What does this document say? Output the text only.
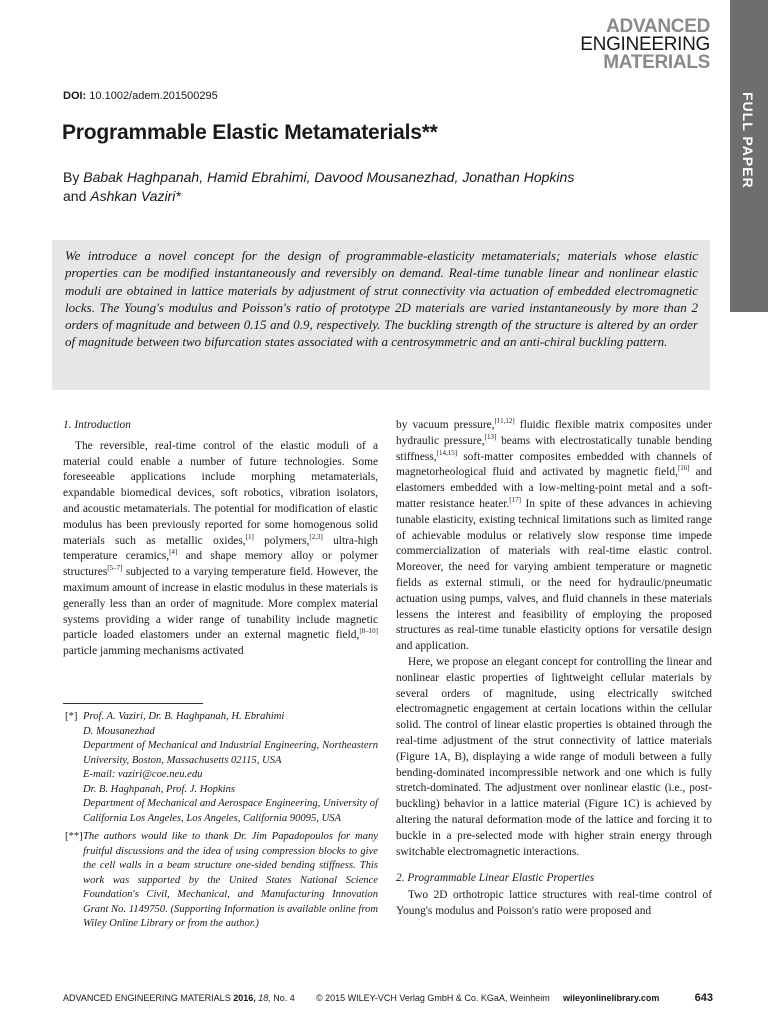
FULL PAPER
ADVANCED
ENGINEERING
MATERIALS
DOI: 10.1002/adem.201500295
Programmable Elastic Metamaterials**
By Babak Haghpanah, Hamid Ebrahimi, Davood Mousanezhad, Jonathan Hopkins
and Ashkan Vaziri*
We introduce a novel concept for the design of programmable-elasticity metamaterials; materials whose elastic properties can be modified instantaneously and reversibly on demand. Real-time tunable linear and nonlinear elastic moduli are obtained in lattice materials by adjustment of strut connectivity via actuation of embedded electromagnetic locks. The Young's modulus and Poisson's ratio of prototype 2D materials are varied instantaneously by more than 2 orders of magnitude and between 0.15 and 0.9, respectively. The buckling strength of the structure is altered by an order of magnitude between two bifurcation states associated with a centrosymmetric and an anti-chiral buckling pattern.
1. Introduction
The reversible, real-time control of the elastic moduli of a material could enable a number of future technologies. Some foreseeable applications include morphing metamaterials, expandable biomedical devices, soft robotics, vibration isolators, and acoustic metamaterials. The potential for modification of elastic modulus has been previously reported for some homogenous solid materials such as metallic oxides,[1] polymers,[2,3] ultra-high temperature ceramics,[4] and shape memory alloy or polymer structures[5–7] subjected to a varying temperature field. However, the maximum amount of increase in elastic modulus in these materials is generally less than an order of magnitude. More complex material systems providing a wider range of tunability include magnetic particle loaded elastomers under an external magnetic field,[8–10] particle jamming mechanisms activated
[*] Prof. A. Vaziri, Dr. B. Haghpanah, H. Ebrahimi
D. Mousanezhad
Department of Mechanical and Industrial Engineering, Northeastern University, Boston, Massachusetts 02115, USA
E-mail: vaziri@coe.neu.edu
Dr. B. Haghpanah, Prof. J. Hopkins
Department of Mechanical and Aerospace Engineering, University of California Los Angeles, Los Angeles, California 90095, USA
[**] The authors would like to thank Dr. Jim Papadopoulos for many fruitful discussions and the idea of using compression blocks to give the cell walls in a beam structure one-sided bending stiffness. This work was supported by the United States National Science Foundation's Civil, Mechanical, and Manufacturing Innovation Grant No. 1149750. (Supporting Information is available online from Wiley Online Library or from the author.)
by vacuum pressure,[11,12] fluidic flexible matrix composites under hydraulic pressure,[13] beams with electrostatically tunable bending stiffness,[14,15] soft-matter composites embedded with channels of magnetorheological fluid and activated by magnetic field,[16] and elastomers embedded with a low-melting-point metal and a soft-matter resistance heater.[17] In spite of these advances in achieving tunable elasticity, existing technical limitations such as limited range of achievable modulus or relatively slow response time impede commercialization of materials with real-time elastic control. Moreover, the need for varying ambient temperature or magnetic fields as external stimuli, or the need for hydraulic/pneumatic actuation using pumps, valves, and fluid channels in these materials lessens the interest and feasibility of employing the proposed structures as real-time tunable elasticity options for versatile design and application.
Here, we propose an elegant concept for controlling the linear and nonlinear elastic properties of lightweight cellular materials by several orders of magnitude, using electrically switched electromagnetic engagement at certain locations within the cellular solid. The control of linear elastic properties is obtained through the real-time adjustment of the strut connectivity of lattice materials (Figure 1A, B), displaying a wide range of moduli between a fully bending-dominated incompressible network and one which is fully stretch-dominated. The adjustment over nonlinear elastic (i.e., post-buckling) behavior in a lattice material (Figure 1C) is achieved by altering the natural deformation mode of the lattice and forcing it to buckle in a pre-selected mode with higher strain energy through switchable electromagnetic interactions.
2. Programmable Linear Elastic Properties
Two 2D orthotropic lattice structures with real-time control of Young's modulus and Poisson's ratio were proposed and
ADVANCED ENGINEERING MATERIALS 2016, 18, No. 4 © 2015 WILEY-VCH Verlag GmbH & Co. KGaA, Weinheim wileyonlinelibrary.com	643
